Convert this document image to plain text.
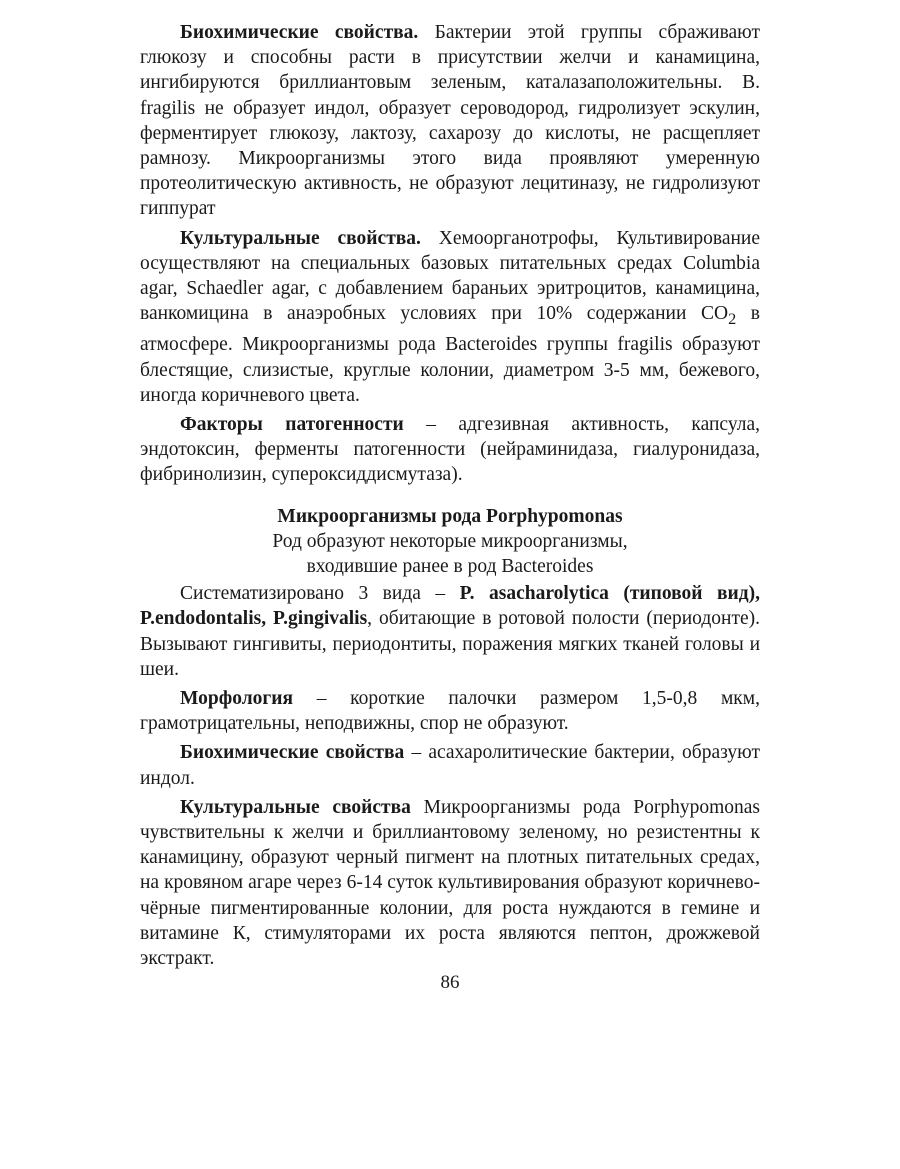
Биохимические свойства. Бактерии этой группы сбраживают глюкозу и способны расти в присутствии желчи и канамицина, ингибируются бриллиантовым зеленым, каталазаположительны. B. fragilis не образует индол, образует сероводород, гидролизует эскулин, ферментирует глюкозу, лактозу, сахарозу до кислоты, не расщепляет рамнозу. Микроорганизмы этого вида проявляют умеренную протеолитическую активность, не образуют лецитиназу, не гидролизуют гиппурат

Культуральные свойства. Хемоорганотрофы, Культивирование осуществляют на специальных базовых питательных средах Columbia agar, Schaedler agar, с добавлением бараньих эритроцитов, канамицина, ванкомицина в анаэробных условиях при 10% содержании $CO_2$ в атмосфере. Микроорганизмы рода Bacteroides группы fragilis образуют блестящие, слизистые, круглые колонии, диаметром 3-5 мм, бежевого, иногда коричневого цвета.

Факторы патогенности – адгезивная активность, капсула, эндотоксин, ферменты патогенности (нейраминидаза, гиалуронидаза, фибринолизин, супероксиддисмутаза).

Микроорганизмы рода Porphypomonas
Род образуют некоторые микроорганизмы,
входившие ранее в род Bacteroides

Систематизировано 3 вида – P. asacharolytica (типовой вид), P.endodontalis, P.gingivalis, обитающие в ротовой полости (периодонте). Вызывают гингивиты, периодонтиты, поражения мягких тканей головы и шеи.

Морфология – короткие палочки размером 1,5-0,8 мкм, грамотрицательны, неподвижны, спор не образуют.

Биохимические свойства – асахаролитические бактерии, образуют индол.

Культуральные свойства Микроорганизмы рода Porphypomonas чувствительны к желчи и бриллиантовому зеленому, но резистентны к канамицину, образуют черный пигмент на плотных питательных средах, на кровяном агаре через 6-14 суток культивирования образуют коричнево-чёрные пигментированные колонии, для роста нуждаются в гемине и витамине К, стимуляторами их роста являются пептон, дрожжевой экстракт.

86
